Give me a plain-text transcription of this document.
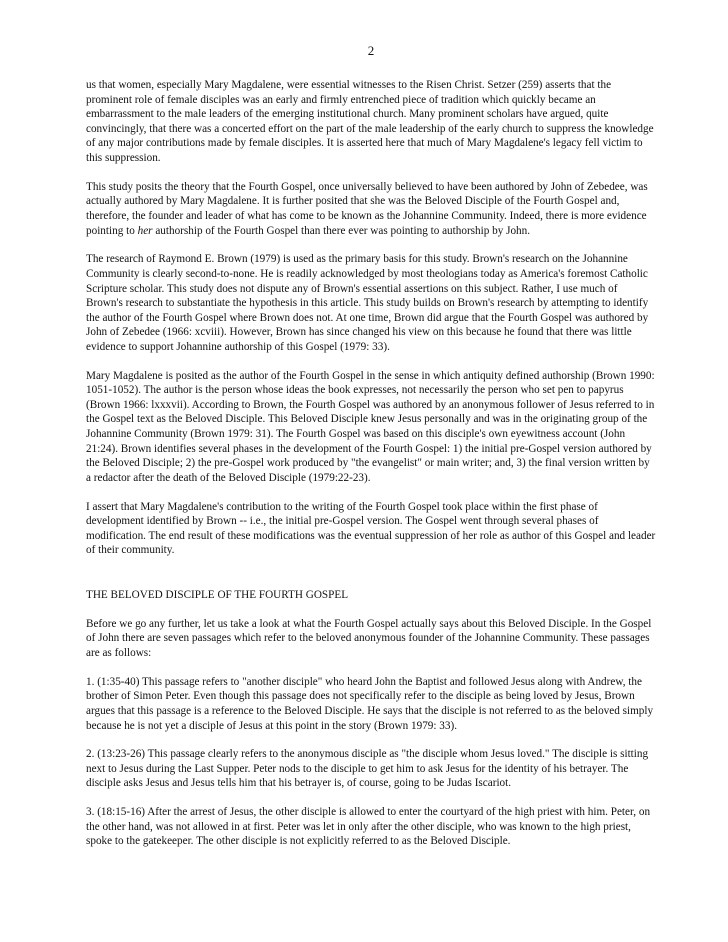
2

us that women, especially Mary Magdalene, were essential witnesses to the Risen Christ. Setzer (259) asserts that the prominent role of female disciples was an early and firmly entrenched piece of tradition which quickly became an embarrassment to the male leaders of the emerging institutional church. Many prominent scholars have argued, quite convincingly, that there was a concerted effort on the part of the male leadership of the early church to suppress the knowledge of any major contributions made by female disciples. It is asserted here that much of Mary Magdalene's legacy fell victim to this suppression.

This study posits the theory that the Fourth Gospel, once universally believed to have been authored by John of Zebedee, was actually authored by Mary Magdalene. It is further posited that she was the Beloved Disciple of the Fourth Gospel and, therefore, the founder and leader of what has come to be known as the Johannine Community. Indeed, there is more evidence pointing to her authorship of the Fourth Gospel than there ever was pointing to authorship by John.

The research of Raymond E. Brown (1979) is used as the primary basis for this study. Brown's research on the Johannine Community is clearly second-to-none. He is readily acknowledged by most theologians today as America's foremost Catholic Scripture scholar. This study does not dispute any of Brown's essential assertions on this subject. Rather, I use much of Brown's research to substantiate the hypothesis in this article. This study builds on Brown's research by attempting to identify the author of the Fourth Gospel where Brown does not. At one time, Brown did argue that the Fourth Gospel was authored by John of Zebedee (1966: xcviii). However, Brown has since changed his view on this because he found that there was little evidence to support Johannine authorship of this Gospel (1979: 33).

Mary Magdalene is posited as the author of the Fourth Gospel in the sense in which antiquity defined authorship (Brown 1990: 1051-1052). The author is the person whose ideas the book expresses, not necessarily the person who set pen to papyrus (Brown 1966: lxxxvii). According to Brown, the Fourth Gospel was authored by an anonymous follower of Jesus referred to in the Gospel text as the Beloved Disciple. This Beloved Disciple knew Jesus personally and was in the originating group of the Johannine Community (Brown 1979: 31). The Fourth Gospel was based on this disciple's own eyewitness account (John 21:24). Brown identifies several phases in the development of the Fourth Gospel: 1) the initial pre-Gospel version authored by the Beloved Disciple; 2) the pre-Gospel work produced by "the evangelist" or main writer; and, 3) the final version written by a redactor after the death of the Beloved Disciple (1979:22-23).

I assert that Mary Magdalene's contribution to the writing of the Fourth Gospel took place within the first phase of development identified by Brown -- i.e., the initial pre-Gospel version. The Gospel went through several phases of modification. The end result of these modifications was the eventual suppression of her role as author of this Gospel and leader of their community.

THE BELOVED DISCIPLE OF THE FOURTH GOSPEL

Before we go any further, let us take a look at what the Fourth Gospel actually says about this Beloved Disciple. In the Gospel of John there are seven passages which refer to the beloved anonymous founder of the Johannine Community. These passages are as follows:

1. (1:35-40) This passage refers to "another disciple" who heard John the Baptist and followed Jesus along with Andrew, the brother of Simon Peter. Even though this passage does not specifically refer to the disciple as being loved by Jesus, Brown argues that this passage is a reference to the Beloved Disciple. He says that the disciple is not referred to as the beloved simply because he is not yet a disciple of Jesus at this point in the story (Brown 1979: 33).

2. (13:23-26) This passage clearly refers to the anonymous disciple as "the disciple whom Jesus loved." The disciple is sitting next to Jesus during the Last Supper. Peter nods to the disciple to get him to ask Jesus for the identity of his betrayer. The disciple asks Jesus and Jesus tells him that his betrayer is, of course, going to be Judas Iscariot.

3. (18:15-16) After the arrest of Jesus, the other disciple is allowed to enter the courtyard of the high priest with him. Peter, on the other hand, was not allowed in at first. Peter was let in only after the other disciple, who was known to the high priest, spoke to the gatekeeper. The other disciple is not explicitly referred to as the Beloved Disciple.
